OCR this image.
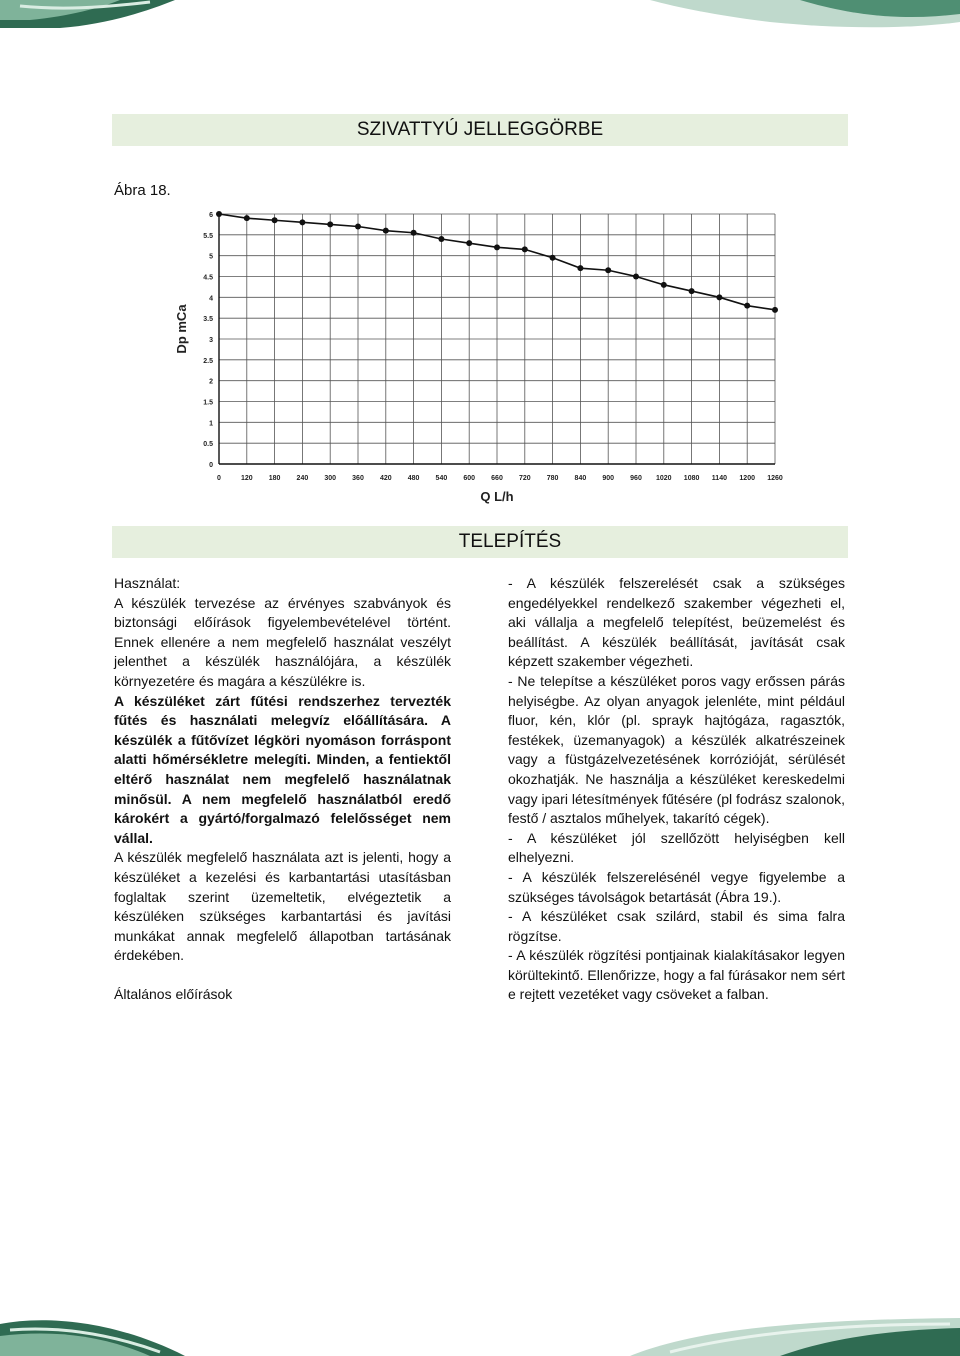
SZIVATTYÚ JELLEGGÖRBE
Ábra 18.
0
0.5
1
1.5
2
2.5
3
3.5
4
4.5
5
5.5
6
0	120 180 240 300 360 420 480 540 600 660 720 780 840 900 960 1020 1080 1140 1200 1260
Q L/h
Dp mCa
TELEPÍTÉS

Használat:

A készülék tervezése az érvényes szabványok és biztonsági előírások figyelembevételével történt. Ennek ellenére a nem megfelelő használat veszélyt jelenthet a készülék használójára, a készülék környezetére és magára a készülékre is.

A készüléket zárt fűtési rendszerhez tervezték fűtés és használati melegvíz előállítására. A készülék a fűtővízet légköri nyomáson forráspont alatti hőmérsékletre melegíti. Minden, a fentiektől eltérő használat nem megfelelő használatnak minősül. A nem megfelelő használatból eredő károkért a gyártó/forgalmazó felelősséget nem vállal.

A készülék megfelelő használata azt is jelenti, hogy a készüléket a kezelési és karbantartási utasításban foglaltak szerint üzemeltetik, elvégeztetik a készüléken szükséges karbantartási és javítási munkákat annak megfelelő állapotban tartásának érdekében.

Általános előírások

- A készülék felszerelését csak a szükséges engedélyekkel rendelkező szakember végezheti el, aki vállalja a megfelelő telepítést, beüzemelést és beállítást. A készülék beállítását, javítását csak képzett szakember végezheti.

- Ne telepítse a készüléket poros vagy erőssen párás helyiségbe. Az olyan anyagok jelenléte, mint például fluor, kén, klór (pl. sprayk hajtógáza, ragasztók, festékek, üzemanyagok) a készülék alkatrészeinek vagy a füstgázelvezetésének korrózióját, sérülését okozhatják. Ne használja a készüléket kereskedelmi vagy ipari létesítmények fűtésére (pl fodrász szalonok, festő / asztalos műhelyek, takarító cégek).

- A készüléket jól szellőzött helyiségben kell elhelyezni.

- A készülék felszerelésénél vegye figyelembe a szükséges távolságok betartását (Ábra 19.).

- A készüléket csak szilárd, stabil és sima falra rögzítse.

- A készülék rögzítési pontjainak kialakításakor legyen körültekintő. Ellenőrizze, hogy a fal fúrásakor nem sért e rejtett vezetéket vagy csöveket a falban.
